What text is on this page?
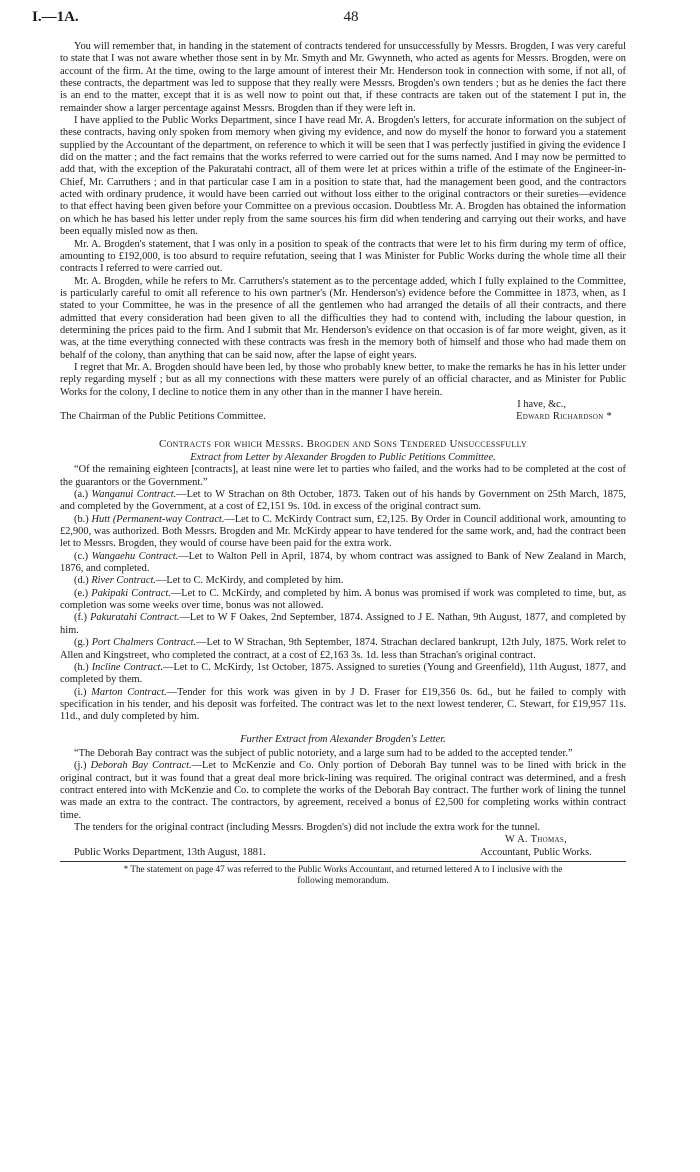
I.—1A.	48

You will remember that, in handing in the statement of contracts tendered for unsuccessfully by Messrs. Brogden, I was very careful to state that I was not aware whether those sent in by Mr. Smyth and Mr. Gwynneth, who acted as agents for Messrs. Brogden, were on account of the firm. At the time, owing to the large amount of interest their Mr. Henderson took in connection with some, if not all, of these contracts, the department was led to suppose that they really were Messrs. Brogden's own tenders ; but as he denies the fact there is an end to the matter, except that it is as well now to point out that, if these contracts are taken out of the statement I put in, the remainder show a larger percentage against Messrs. Brogden than if they were left in.

I have applied to the Public Works Department, since I have read Mr. A. Brogden's letters, for accurate information on the subject of these contracts, having only spoken from memory when giving my evidence, and now do myself the honor to forward you a statement supplied by the Accountant of the department, on reference to which it will be seen that I was perfectly justified in giving the evidence I did on the matter ; and the fact remains that the works referred to were carried out for the sums named. And I may now be permitted to add that, with the exception of the Pakuratahi contract, all of them were let at prices within a trifle of the estimate of the Engineer-in-Chief, Mr. Carruthers ; and in that particular case I am in a position to state that, had the management been good, and the contractors acted with ordinary prudence, it would have been carried out without loss either to the original contractors or their sureties—evidence to that effect having been given before your Committee on a previous occasion. Doubtless Mr. A. Brogden has obtained the information on which he has based his letter under reply from the same sources his firm did when tendering and carrying out their works, and have been equally misled now as then.

Mr. A. Brogden's statement, that I was only in a position to speak of the contracts that were let to his firm during my term of office, amounting to £192,000, is too absurd to require refutation, seeing that I was Minister for Public Works during the whole time all their contracts I referred to were carried out.

Mr. A. Brogden, while he refers to Mr. Carruthers's statement as to the percentage added, which I fully explained to the Committee, is particularly careful to omit all reference to his own partner's (Mr. Henderson's) evidence before the Committee in 1873, when, as I stated to your Committee, he was in the presence of all the gentlemen who had arranged the details of all their contracts, and there admitted that every consideration had been given to all the difficulties they had to contend with, including the labour question, in determining the prices paid to the firm. And I submit that Mr. Henderson's evidence on that occasion is of far more weight, given, as it was, at the time everything connected with these contracts was fresh in the memory both of himself and those who had made them on behalf of the colony, than anything that can be said now, after the lapse of eight years.

I regret that Mr. A. Brogden should have been led, by those who probably knew better, to make the remarks he has in his letter under reply regarding myself ; but as all my connections with these matters were purely of an official character, and as Minister for Public Works for the colony, I decline to notice them in any other than in the manner I have herein.

I have, &c.,
The Chairman of the Public Petitions Committee.	Edward Richardson *
Contracts for which Messrs. Brogden and Sons Tendered Unsuccessfully
Extract from Letter by Alexander Brogden to Public Petitions Committee.

“Of the remaining eighteen [contracts], at least nine were let to parties who failed, and the works had to be completed at the cost of the guarantors or the Government.”

(a.) Wanganui Contract.—Let to W Strachan on 8th October, 1873. Taken out of his hands by Government on 25th March, 1875, and completed by the Government, at a cost of £2,151 9s. 10d. in excess of the original contract sum.

(b.) Hutt (Permanent-way Contract.—Let to C. McKirdy Contract sum, £2,125. By Order in Council additional work, amounting to £2,900, was authorized. Both Messrs. Brogden and Mr. McKirdy appear to have tendered for the same work, and, had the contract been let to Messrs. Brogden, they would of course have been paid for the extra work.

(c.) Wangaehu Contract.—Let to Walton Pell in April, 1874, by whom contract was assigned to Bank of New Zealand in March, 1876, and completed.

(d.) River Contract.—Let to C. McKirdy, and completed by him.

(e.) Pakipaki Contract.—Let to C. McKirdy, and completed by him. A bonus was promised if work was completed to time, but, as completion was some weeks over time, bonus was not allowed.

(f.) Pakuratahi Contract.—Let to W F Oakes, 2nd September, 1874. Assigned to J E. Nathan, 9th August, 1877, and completed by him.

(g.) Port Chalmers Contract.—Let to W Strachan, 9th September, 1874. Strachan declared bankrupt, 12th July, 1875. Work relet to Allen and Kingstreet, who completed the contract, at a cost of £2,163 3s. 1d. less than Strachan's original contract.

(h.) Incline Contract.—Let to C. McKirdy, 1st October, 1875. Assigned to sureties (Young and Greenfield), 11th August, 1877, and completed by them.

(i.) Marton Contract.—Tender for this work was given in by J D. Fraser for £19,356 0s. 6d., but he failed to comply with specification in his tender, and his deposit was forfeited. The contract was let to the next lowest tenderer, C. Stewart, for £19,957 11s. 11d., and duly completed by him.

Further Extract from Alexander Brogden's Letter.

“The Deborah Bay contract was the subject of public notoriety, and a large sum had to be added to the accepted tender.”

(j.) Deborah Bay Contract.—Let to McKenzie and Co. Only portion of Deborah Bay tunnel was to be lined with brick in the original contract, but it was found that a great deal more brick-lining was required. The original contract was determined, and a fresh contract entered into with McKenzie and Co. to complete the works of the Deborah Bay contract. The further work of lining the tunnel was made an extra to the contract. The contractors, by agreement, received a bonus of £2,500 for completing works within contract time.

The tenders for the original contract (including Messrs. Brogden's) did not include the extra work for the tunnel.

W A. Thomas,
Public Works Department, 13th August, 1881.	Accountant, Public Works.
* The statement on page 47 was referred to the Public Works Accountant, and returned lettered A to I inclusive with the
following memorandum.
